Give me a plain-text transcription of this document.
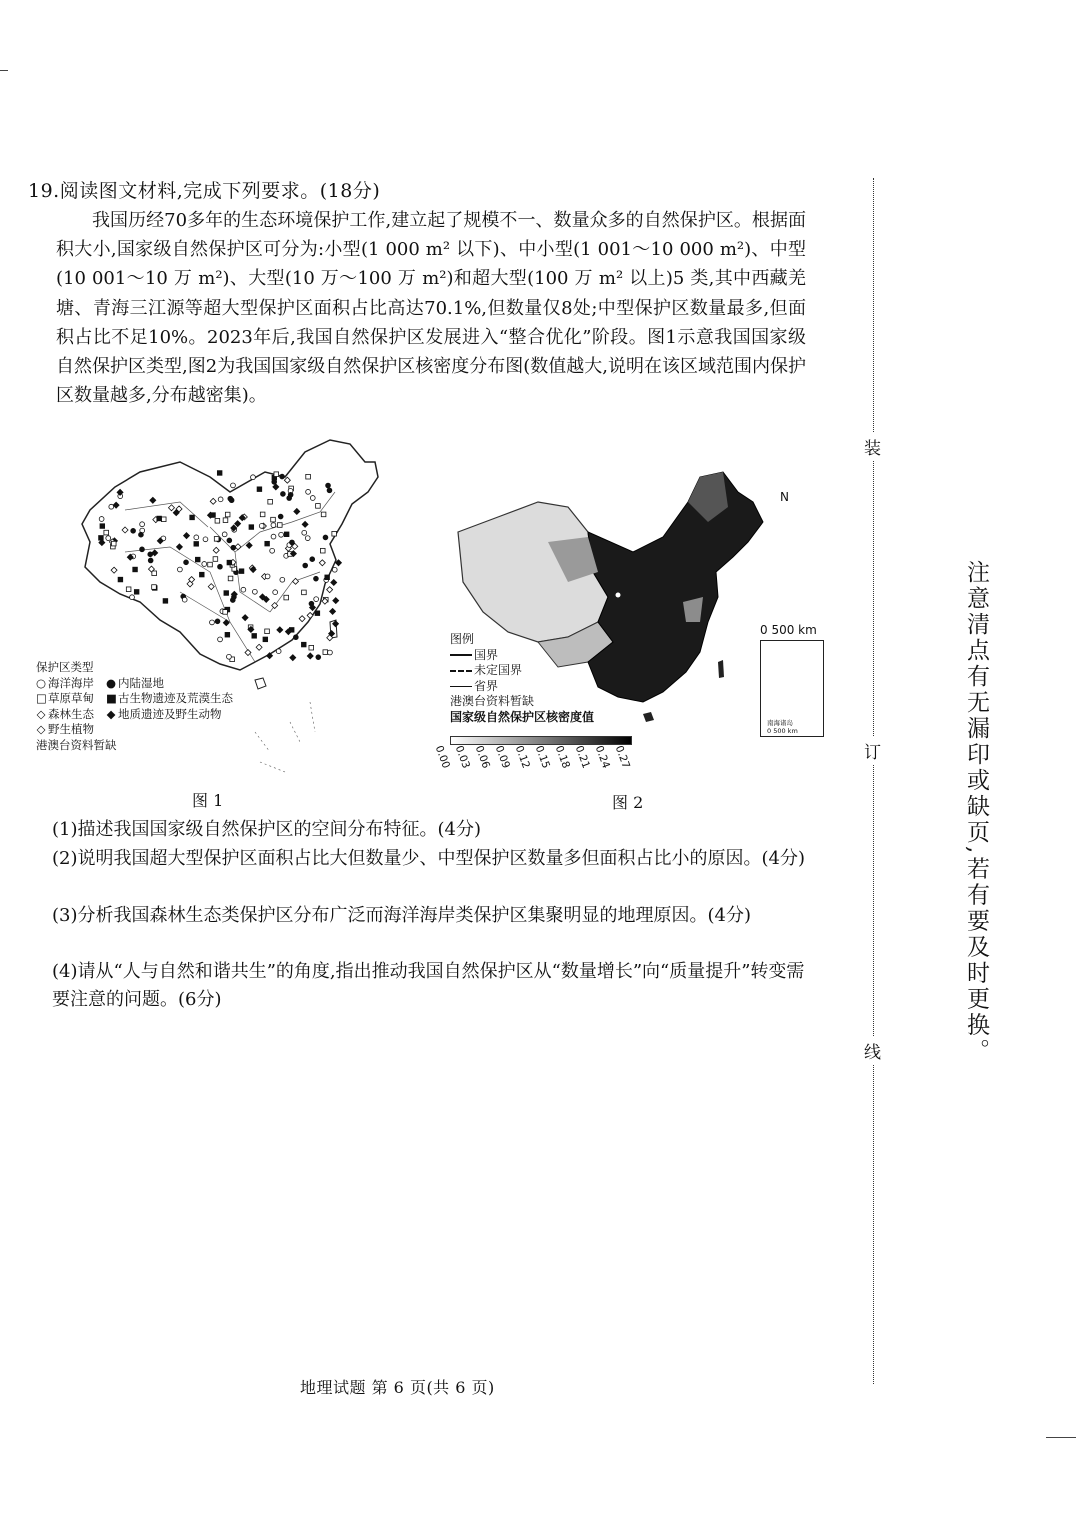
19.阅读图文材料,完成下列要求。(18分)

我国历经70多年的生态环境保护工作,建立起了规模不一、数量众多的自然保护区。根据面积大小,国家级自然保护区可分为:小型(1 000 m² 以下)、中小型(1 001～10 000 m²)、中型(10 001～10 万 m²)、大型(10 万～100 万 m²)和超大型(100 万 m² 以上)5 类,其中西藏羌塘、青海三江源等超大型保护区面积占比高达70.1%,但数量仅8处;中型保护区数量最多,但面积占比不足10%。2023年后,我国自然保护区发展进入“整合优化”阶段。图1示意我国国家级自然保护区类型,图2为我国国家级自然保护区核密度分布图(数值越大,说明在该区域范围内保护区数量越多,分布越密集)。

保护区类型
○ 海洋海岸	● 内陆湿地
□草原草甸	■古生物遗迹及荒漠生态
◇ 森林生态	◆ 地质遗迹及野生动物
◇ 野生植物
港澳台资料暂缺
图 1
N
0 500 km
南海诸岛
0 500 km
图例
国界
未定国界
省界
港澳台资料暂缺
国家级自然保护区核密度值
0.00 0.03 0.06 0.09 0.12 0.15 0.18 0.21 0.24 0.27
图 2
(1)描述我国国家级自然保护区的空间分布特征。(4分)
(2)说明我国超大型保护区面积占比大但数量少、中型保护区数量多但面积占比小的原因。(4分)
(3)分析我国森林生态类保护区分布广泛而海洋海岸类保护区集聚明显的地理原因。(4分)
(4)请从“人与自然和谐共生”的角度,指出推动我国自然保护区从“数量增长”向“质量提升”转变需要注意的问题。(6分)
地理试题 第 6 页(共 6 页)
装
订
线	注意清点有无漏印或缺页,若有要及时更换。
